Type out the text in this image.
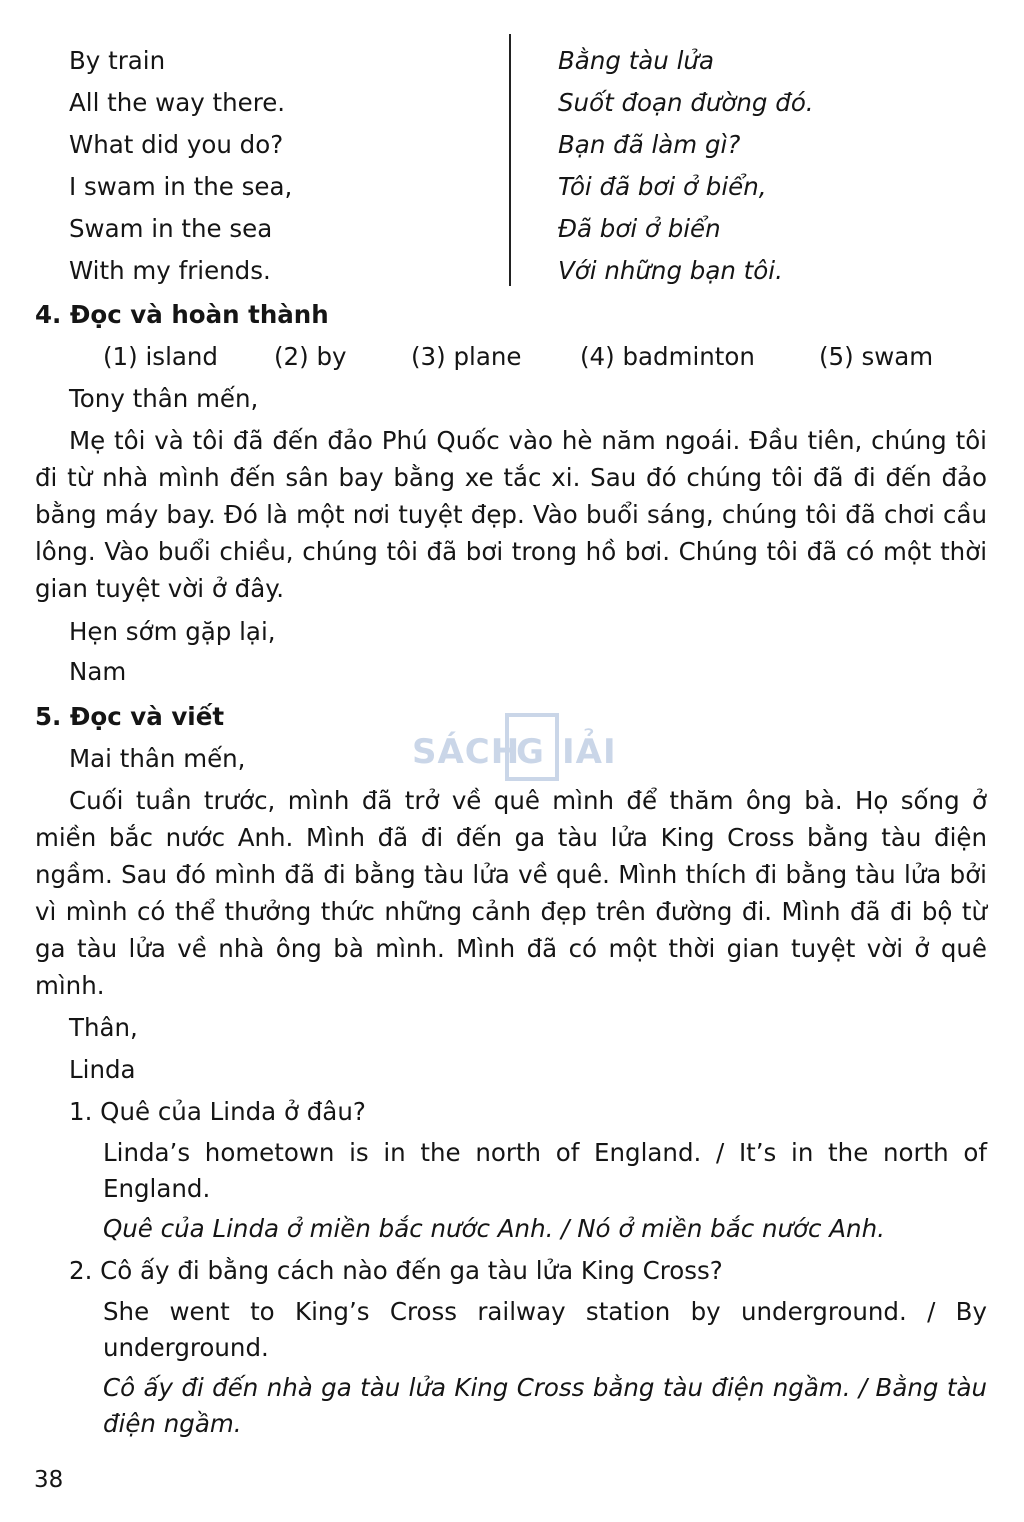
By train
All the way there.
What did you do?
I swam in the sea,
Swam in the sea
With my friends.
Bằng tàu lửa
Suốt đoạn đường đó.
Bạn đã làm gì?
Tôi đã bơi ở biển,
Đã bơi ở biển
Với những bạn tôi.
4. Đọc và hoàn thành
(1) island (2) by	(3) plane (4) badminton	(5) swam
Tony thân mến,
Mẹ tôi và tôi đã đến đảo Phú Quốc vào hè năm ngoái. Đầu tiên, chúng tôi đi từ nhà mình đến sân bay bằng xe tắc xi. Sau đó chúng tôi đã đi đến đảo bằng máy bay. Đó là một nơi tuyệt đẹp. Vào buổi sáng, chúng tôi đã chơi cầu lông. Vào buổi chiều, chúng tôi đã bơi trong hồ bơi. Chúng tôi đã có một thời gian tuyệt vời ở đây.
Hẹn sớm gặp lại,
Nam
5. Đọc và viết
Mai thân mến,
Cuối tuần trước, mình đã trở về quê mình để thăm ông bà. Họ sống ở miền bắc nước Anh. Mình đã đi đến ga tàu lửa King Cross bằng tàu điện ngầm. Sau đó mình đã đi bằng tàu lửa về quê. Mình thích đi bằng tàu lửa bởi vì mình có thể thưởng thức những cảnh đẹp trên đường đi. Mình đã đi bộ từ ga tàu lửa về nhà ông bà mình. Mình đã có một thời gian tuyệt vời ở quê mình.
Thân,
Linda
1. Quê của Linda ở đâu?
Linda’s hometown is in the north of England. / It’s in the north of England.
Quê của Linda ở miền bắc nước Anh. / Nó ở miền bắc nước Anh.
2. Cô ấy đi bằng cách nào đến ga tàu lửa King Cross?
She went to King’s Cross railway station by underground. / By underground.
Cô ấy đi đến nhà ga tàu lửa King Cross bằng tàu điện ngầm. / Bằng tàu điện ngầm.
SÁCH
G IẢI
38
